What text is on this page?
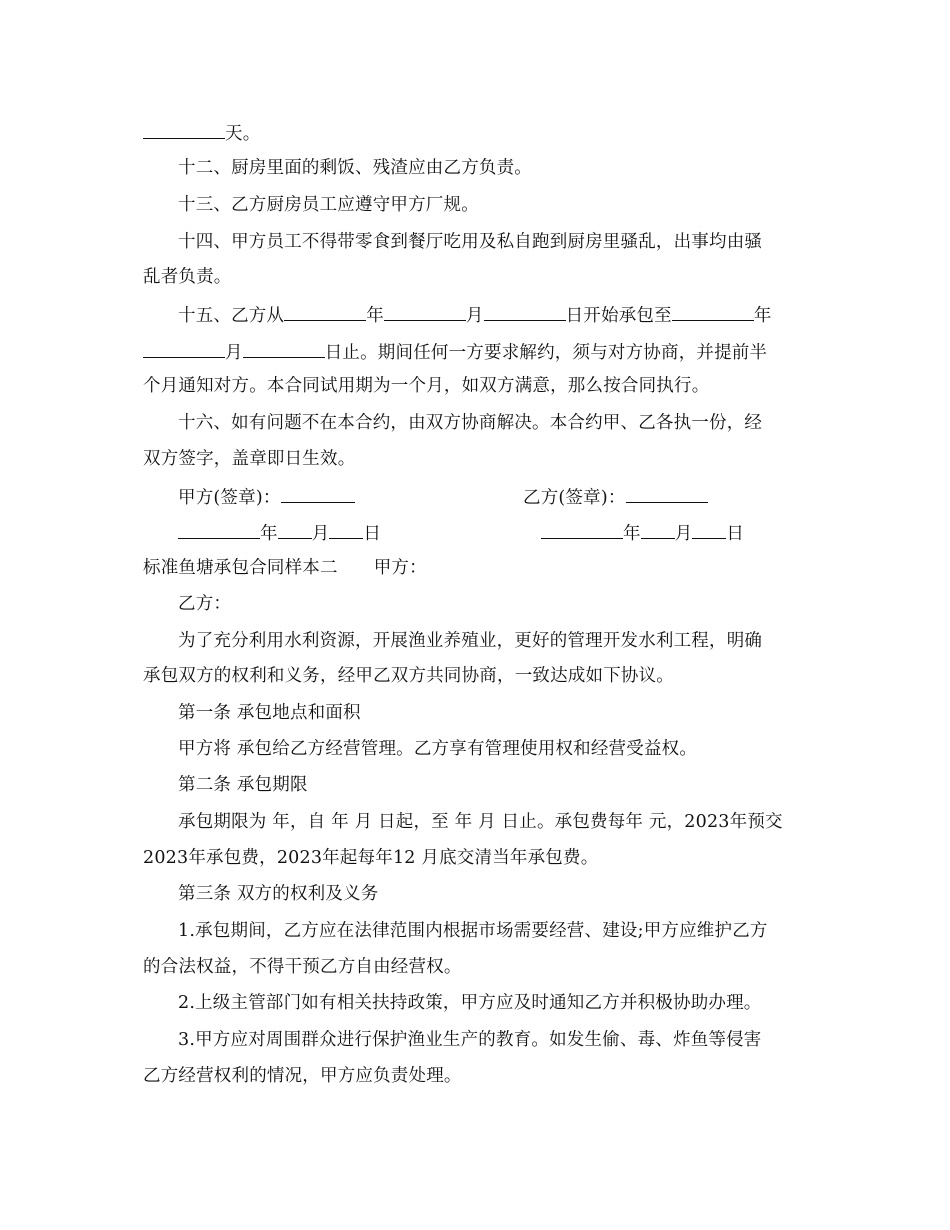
天。
十二、厨房里面的剩饭、残渣应由乙方负责。
十三、乙方厨房员工应遵守甲方厂规。
十四、甲方员工不得带零食到餐厅吃用及私自跑到厨房里骚乱，出事均由骚
乱者负责。
十五、乙方从	年	月	日开始承包至	年
月	日止。期间任何一方要求解约，须与对方协商，并提前半
个月通知对方。本合同试用期为一个月，如双方满意，那么按合同执行。
十六、如有问题不在本合约，由双方协商解决。本合约甲、乙各执一份，经
双方签字，盖章即日生效。
甲方(签章)：	乙方(签章)：
年 月 日	年 月 日
标准鱼塘承包合同样本二 甲方：
乙方：
为了充分利用水利资源，开展渔业养殖业，更好的管理开发水利工程，明确
承包双方的权利和义务，经甲乙双方共同协商，一致达成如下协议。
第一条 承包地点和面积
甲方将 承包给乙方经营管理。乙方享有管理使用权和经营受益权。
第二条 承包期限
承包期限为 年，自 年 月 日起，至 年 月 日止。承包费每年 元，2023年预交
2023年承包费，2023年起每年12 月底交清当年承包费。
第三条 双方的权利及义务
1.承包期间，乙方应在法律范围内根据市场需要经营、建设;甲方应维护乙方
的合法权益，不得干预乙方自由经营权。
2.上级主管部门如有相关扶持政策，甲方应及时通知乙方并积极协助办理。
3.甲方应对周围群众进行保护渔业生产的教育。如发生偷、毒、炸鱼等侵害
乙方经营权利的情况，甲方应负责处理。
